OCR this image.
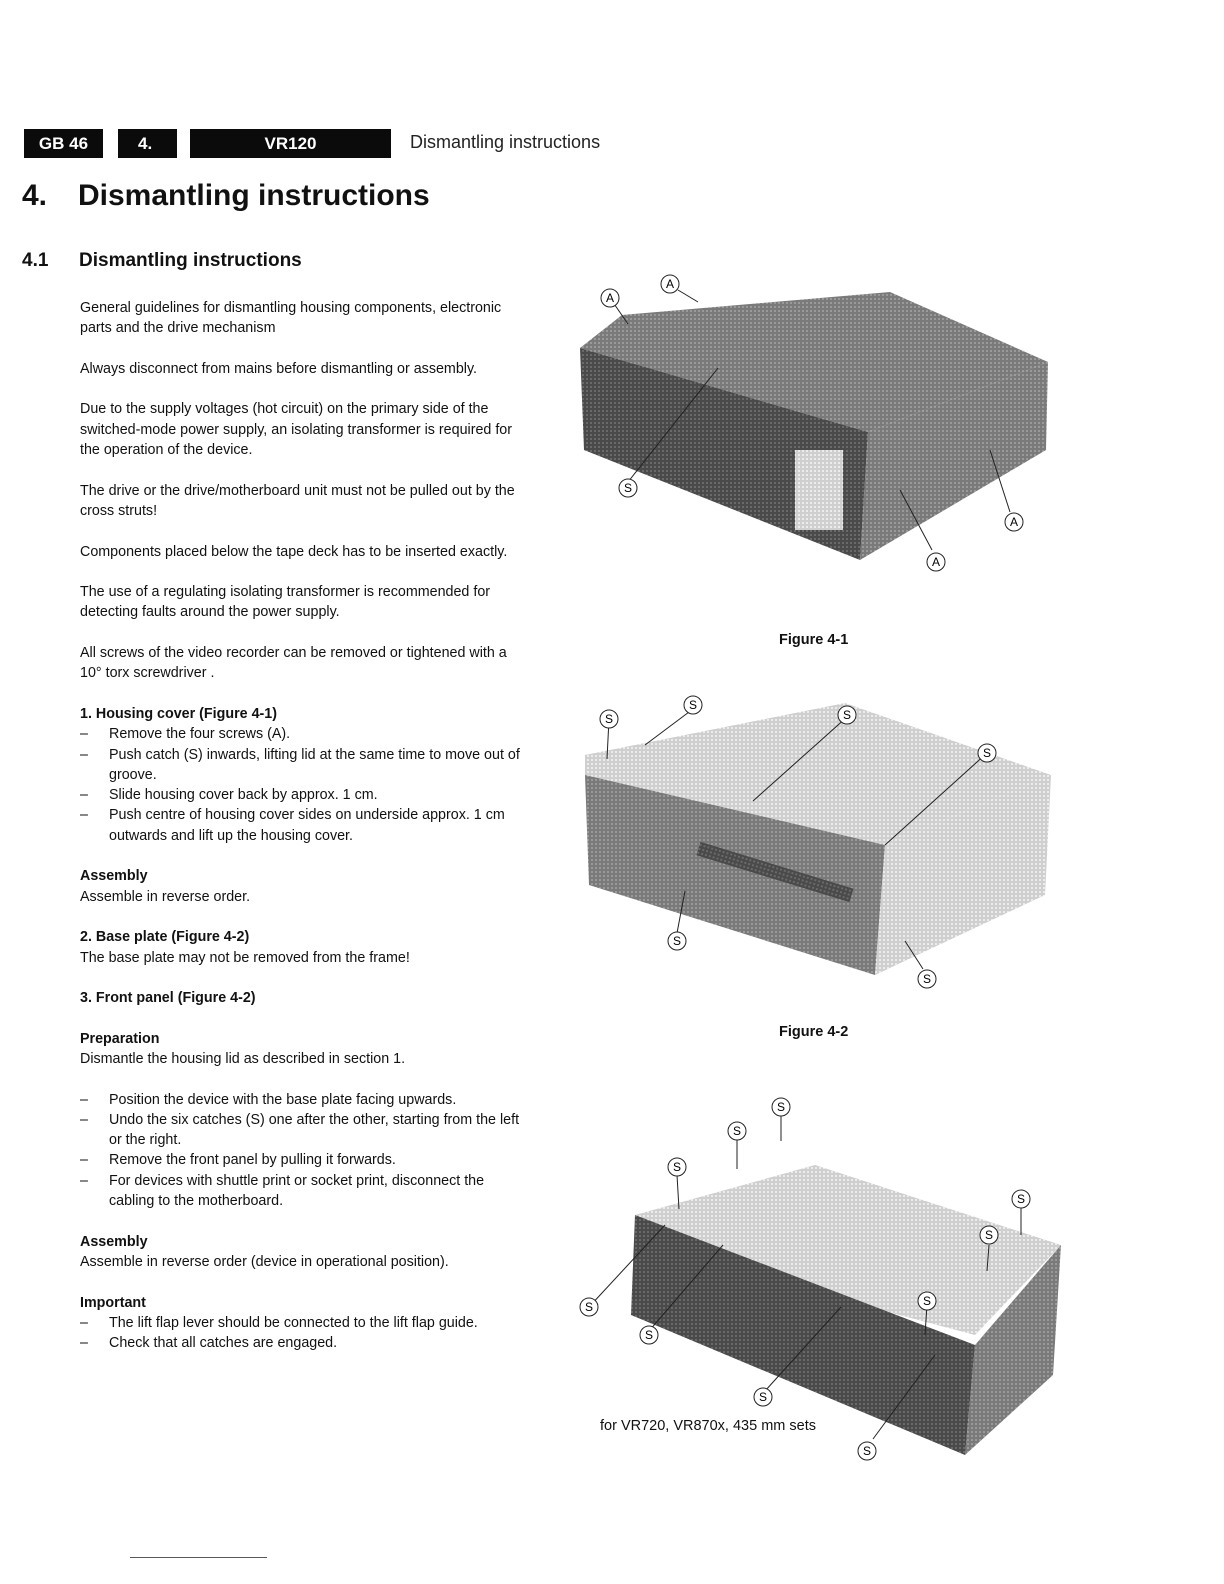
GB 46	4.	VR120	Dismantling instructions
4. Dismantling instructions
4.1 Dismantling instructions

General guidelines for dismantling housing components, electronic parts and the drive mechanism

Always disconnect from mains before dismantling or assembly.

Due to the supply voltages (hot circuit) on the primary side of the switched-mode power supply, an isolating transformer is required for the operation of the device.

The drive or the drive/motherboard unit must not be pulled out by the cross struts!

Components placed below the tape deck has to be inserted exactly.

The use of a regulating isolating transformer is recommended for detecting faults around the power supply.

All screws of the video recorder can be removed or tightened with a 10° torx screwdriver .

1. Housing cover (Figure 4-1)
– Remove the four screws (A).
– Push catch (S) inwards, lifting lid at the same time to move out of groove.
– Slide housing cover back by approx. 1 cm.
– Push centre of housing cover sides on underside approx. 1 cm outwards and lift up the housing cover.
Assembly

Assemble in reverse order.

2. Base plate (Figure 4-2)

The base plate may not be removed from the frame!

3. Front panel (Figure 4-2)

Preparation

Dismantle the housing lid as described in section 1.

– Position the device with the base plate facing upwards.
– Undo the six catches (S) one after the other, starting from the left or the right.
– Remove the front panel by pulling it forwards.
– For devices with shuttle print or socket print, disconnect the cabling to the motherboard.
Assembly

Assemble in reverse order (device in operational position).

Important
– The lift flap lever should be connected to the lift flap guide.
– Check that all catches are engaged.
A
A
S
A
A
Figure 4-1
S
S
S
S
S
S
Figure 4-2
S
S
S
S
S
S
S
S
S
S
for VR720, VR870x, 435 mm sets
